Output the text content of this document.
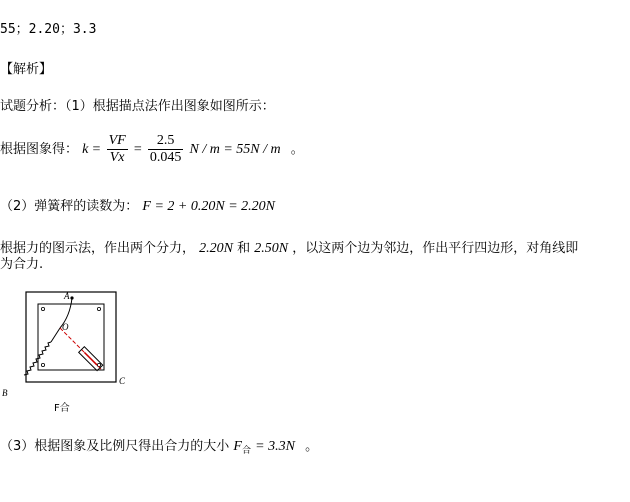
55；2.20；3.3
【解析】
试题分析：（1）根据描点法作出图象如图所示：
根据图象得： $k = \frac{VF}{Vx} = \frac{2.5}{0.045}$ N / m = 55N / m 。
（2）弹簧秤的读数为： F = 2 + 0.20N = 2.20N
根据力的图示法，作出两个分力， 2.20N 和 2.50N ，以这两个边为邻边，作出平行四边形，对角线即
为合力.
A
O
B
C
F合
（3）根据图象及比例尺得出合力的大小 $F_合 = 3.3N$ 。
